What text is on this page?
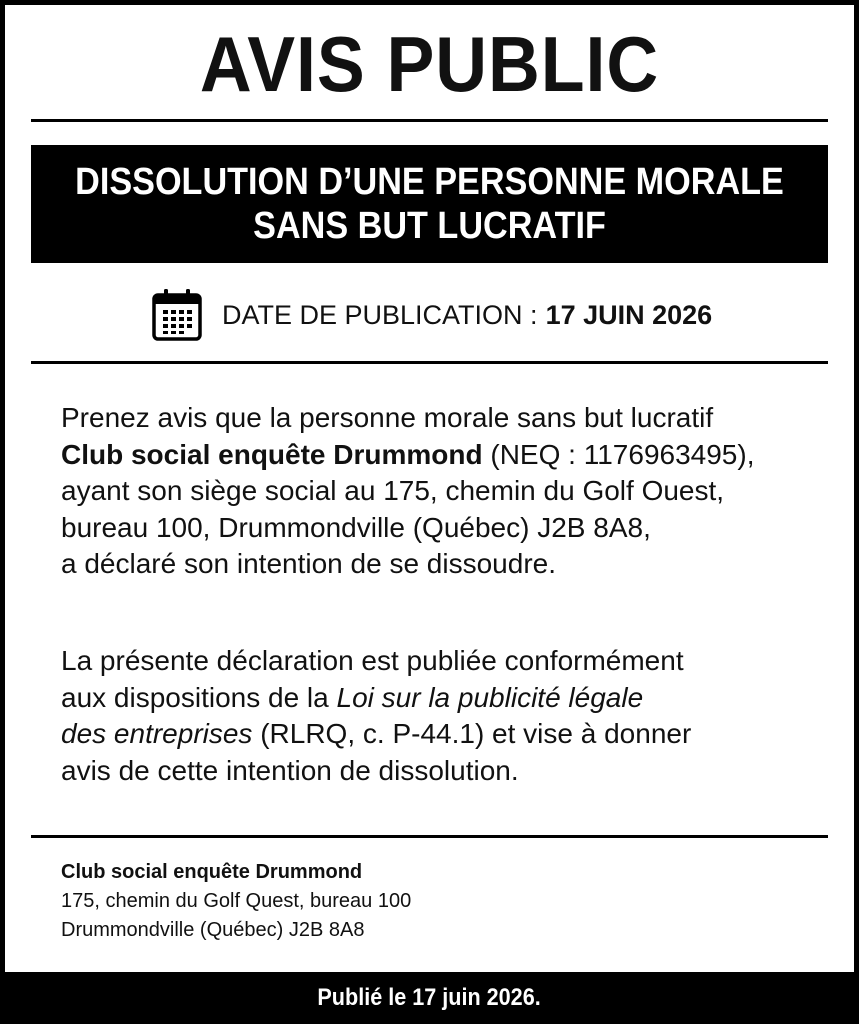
AVIS PUBLIC
DISSOLUTION D’UNE PERSONNE MORALE
SANS BUT LUCRATIF
DATE DE PUBLICATION : 17 JUIN 2026
Prenez avis que la personne morale sans but lucratif
Club social enquête Drummond (NEQ : 1176963495),
ayant son siège social au 175, chemin du Golf Ouest,
bureau 100, Drummondville (Québec) J2B 8A8,
a déclaré son intention de se dissoudre.
La présente déclaration est publiée conformément
aux dispositions de la Loi sur la publicité légale
des entreprises (RLRQ, c. P-44.1) et vise à donner
avis de cette intention de dissolution.
Club social enquête Drummond
175, chemin du Golf Quest, bureau 100
Drummondville (Québec) J2B 8A8
Publié le 17 juin 2026.
